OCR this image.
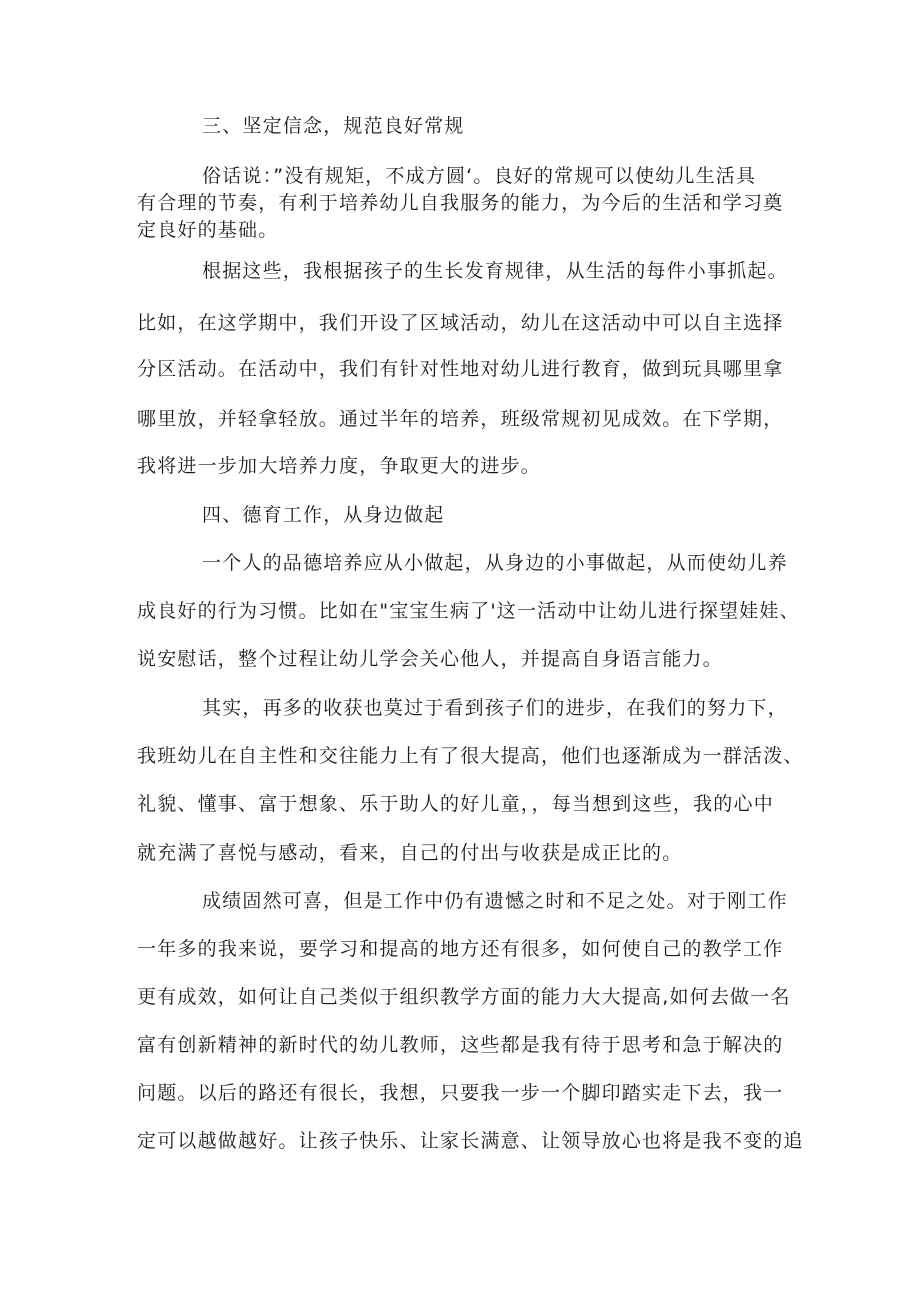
三、坚定信念，规范良好常规
俗话说：”没有规矩，不成方圆‘。良好的常规可以使幼儿生活具
有合理的节奏，有利于培养幼儿自我服务的能力，为今后的生活和学习奠
定良好的基础。
根据这些，我根据孩子的生长发育规律，从生活的每件小事抓起。
比如，在这学期中，我们开设了区域活动，幼儿在这活动中可以自主选择
分区活动。在活动中，我们有针对性地对幼儿进行教育，做到玩具哪里拿
哪里放，并轻拿轻放。通过半年的培养，班级常规初见成效。在下学期，
我将进一步加大培养力度，争取更大的进步。
四、德育工作，从身边做起
一个人的品德培养应从小做起，从身边的小事做起，从而使幼儿养
成良好的行为习惯。比如在"宝宝生病了'这一活动中让幼儿进行探望娃娃、
说安慰话，整个过程让幼儿学会关心他人，并提高自身语言能力。
其实，再多的收获也莫过于看到孩子们的进步，在我们的努力下，
我班幼儿在自主性和交往能力上有了很大提高，他们也逐渐成为一群活泼、
礼貌、懂事、富于想象、乐于助人的好儿童，，每当想到这些，我的心中
就充满了喜悦与感动，看来，自己的付出与收获是成正比的。
成绩固然可喜，但是工作中仍有遗憾之时和不足之处。对于刚工作
一年多的我来说，要学习和提高的地方还有很多，如何使自己的教学工作
更有成效，如何让自己类似于组织教学方面的能力大大提高,如何去做一名
富有创新精神的新时代的幼儿教师，这些都是我有待于思考和急于解决的
问题。以后的路还有很长，我想，只要我一步一个脚印踏实走下去，我一
定可以越做越好。让孩子快乐、让家长满意、让领导放心也将是我不变的追
